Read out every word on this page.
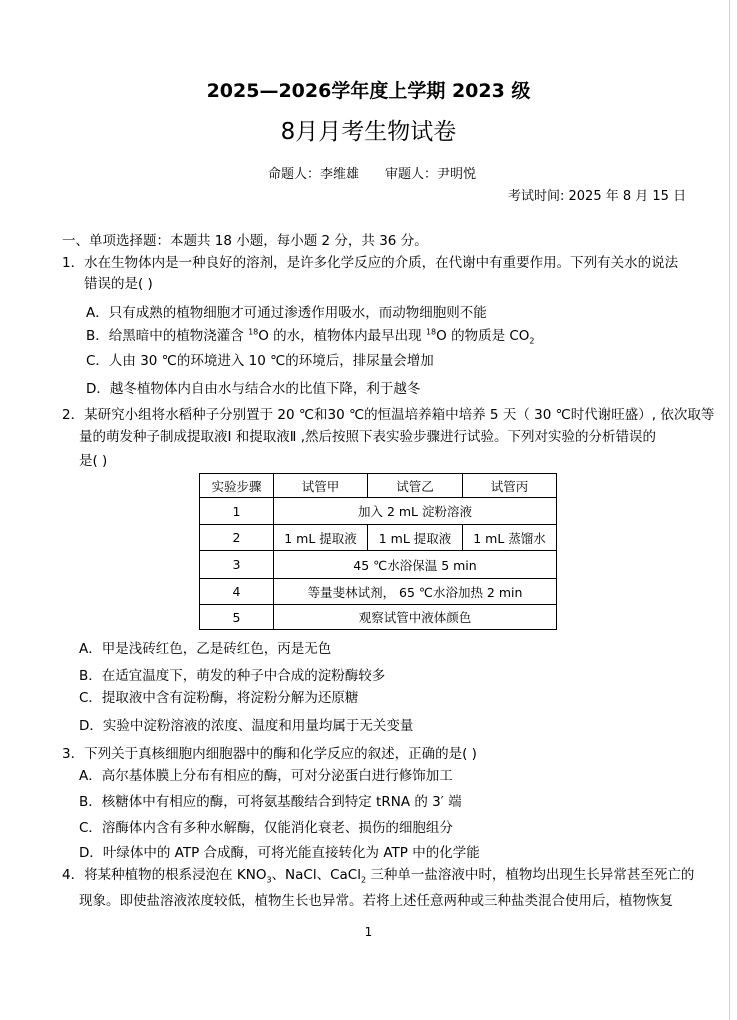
2025—2026学年度上学期 2023 级
8月月考生物试卷
命题人：李维雄 审题人：尹明悦
考试时间: 2025 年 8 月 15 日
一、单项选择题：本题共 18 小题，每小题 2 分，共 36 分。
1．水在生物体内是一种良好的溶剂，是许多化学反应的介质，在代谢中有重要作用。下列有关水的说法
错误的是( )
A．只有成熟的植物细胞才可通过渗透作用吸水，而动物细胞则不能
B．给黑暗中的植物浇灌含 $^{18}$O 的水，植物体内最早出现 $^{18}$O 的物质是 $CO_2$
C．人由 30 ℃的环境进入 10 ℃的环境后，排尿量会增加
D．越冬植物体内自由水与结合水的比值下降，利于越冬
2．某研究小组将水稻种子分别置于 20 ℃和30 ℃的恒温培养箱中培养 5 天（ 30 ℃时代谢旺盛）, 依次取等
量的萌发种子制成提取液Ⅰ 和提取液Ⅱ ,然后按照下表实验步骤进行试验。下列对实验的分析错误的
是( )
实验步骤	试管甲	试管乙	试管丙
1	加入 2 mL 淀粉溶液		
2	1 mL 提取液	1 mL 提取液	1 mL 蒸馏水
3	45 ℃水浴保温 5 min		
4	等量斐林试剂， 65 ℃水浴加热 2 min		
5	观察试管中液体颜色		
A．甲是浅砖红色，乙是砖红色，丙是无色
B．在适宜温度下，萌发的种子中合成的淀粉酶较多
C．提取液中含有淀粉酶，将淀粉分解为还原糖
D．实验中淀粉溶液的浓度、温度和用量均属于无关变量
3．下列关于真核细胞内细胞器中的酶和化学反应的叙述，正确的是( )
A．高尔基体膜上分布有相应的酶，可对分泌蛋白进行修饰加工
B．核糖体中有相应的酶，可将氨基酸结合到特定 tRNA 的 3′ 端
C．溶酶体内含有多种水解酶，仅能消化衰老、损伤的细胞组分
D．叶绿体中的 ATP 合成酶，可将光能直接转化为 ATP 中的化学能
4．将某种植物的根系浸泡在 $KNO_3$、NaCl、CaCl$_2$ 三种单一盐溶液中时，植物均出现生长异常甚至死亡的
现象。即使盐溶液浓度较低，植物生长也异常。若将上述任意两种或三种盐类混合使用后，植物恢复
1
